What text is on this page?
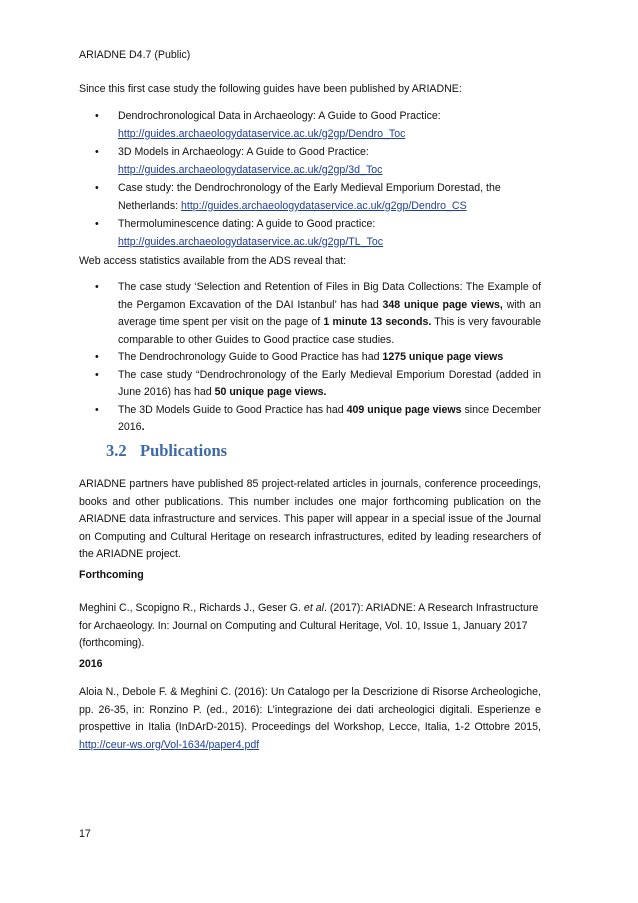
ARIADNE D4.7 (Public)

Since this first case study the following guides have been published by ARIADNE:

• Dendrochronological Data in Archaeology: A Guide to Good Practice:
http://guides.archaeologydataservice.ac.uk/g2gp/Dendro_Toc
• 3D Models in Archaeology: A Guide to Good Practice:
http://guides.archaeologydataservice.ac.uk/g2gp/3d_Toc
• Case study: the Dendrochronology of the Early Medieval Emporium Dorestad, the
Netherlands: http://guides.archaeologydataservice.ac.uk/g2gp/Dendro_CS
• Thermoluminescence dating: A guide to Good practice:
http://guides.archaeologydataservice.ac.uk/g2gp/TL_Toc

Web access statistics available from the ADS reveal that:

• The case study ‘Selection and Retention of Files in Big Data Collections: The Example of the Pergamon Excavation of the DAI Istanbul’ has had 348 unique page views, with an average time spent per visit on the page of 1 minute 13 seconds. This is very favourable comparable to other Guides to Good practice case studies.
• The Dendrochronology Guide to Good Practice has had 1275 unique page views
• The case study “Dendrochronology of the Early Medieval Emporium Dorestad (added in June 2016) has had 50 unique page views.
• The 3D Models Guide to Good Practice has had 409 unique page views since December 2016.
3.2 Publications

ARIADNE partners have published 85 project-related articles in journals, conference proceedings, books and other publications. This number includes one major forthcoming publication on the ARIADNE data infrastructure and services. This paper will appear in a special issue of the Journal on Computing and Cultural Heritage on research infrastructures, edited by leading researchers of the ARIADNE project.

Forthcoming

Meghini C., Scopigno R., Richards J., Geser G. et al. (2017): ARIADNE: A Research Infrastructure for Archaeology. In: Journal on Computing and Cultural Heritage, Vol. 10, Issue 1, January 2017 (forthcoming).

2016

Aloia N., Debole F. & Meghini C. (2016): Un Catalogo per la Descrizione di Risorse Archeologiche, pp. 26-35, in: Ronzino P. (ed., 2016): L’integrazione dei dati archeologici digitali. Esperienze e prospettive in Italia (InDArD-2015). Proceedings del Workshop, Lecce, Italia, 1-2 Ottobre 2015, http://ceur-ws.org/Vol-1634/paper4.pdf

17
